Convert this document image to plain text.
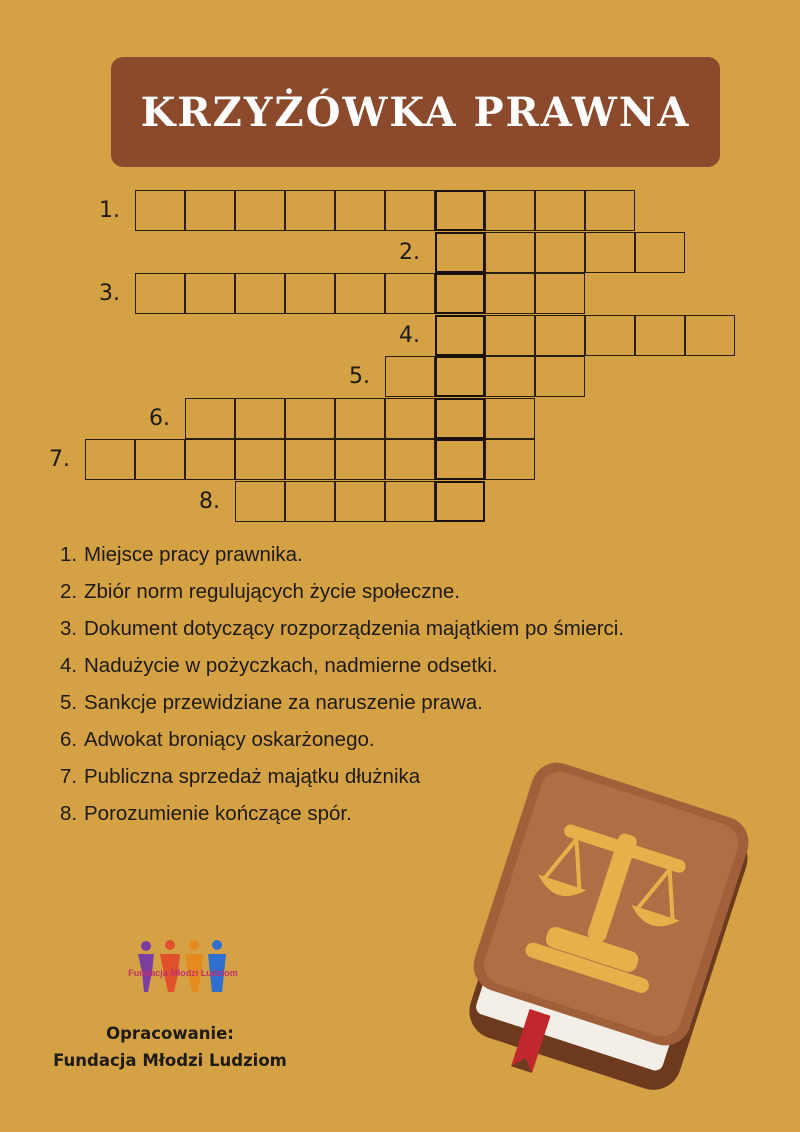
KRZYŻÓWKA PRAWNA
1.
2.
3.
4.
5.
6.
7.
8.
1. Miejsce pracy prawnika.
2. Zbiór norm regulujących życie społeczne.
3. Dokument dotyczący rozporządzenia majątkiem po śmierci.
4. Nadużycie w pożyczkach, nadmierne odsetki.
5. Sankcje przewidziane za naruszenie prawa.
6. Adwokat broniący oskarżonego.
7. Publiczna sprzedaż majątku dłużnika
8. Porozumienie kończące spór.
Fundacja Młodzi Ludziom
Opracowanie:
Fundacja Młodzi Ludziom
